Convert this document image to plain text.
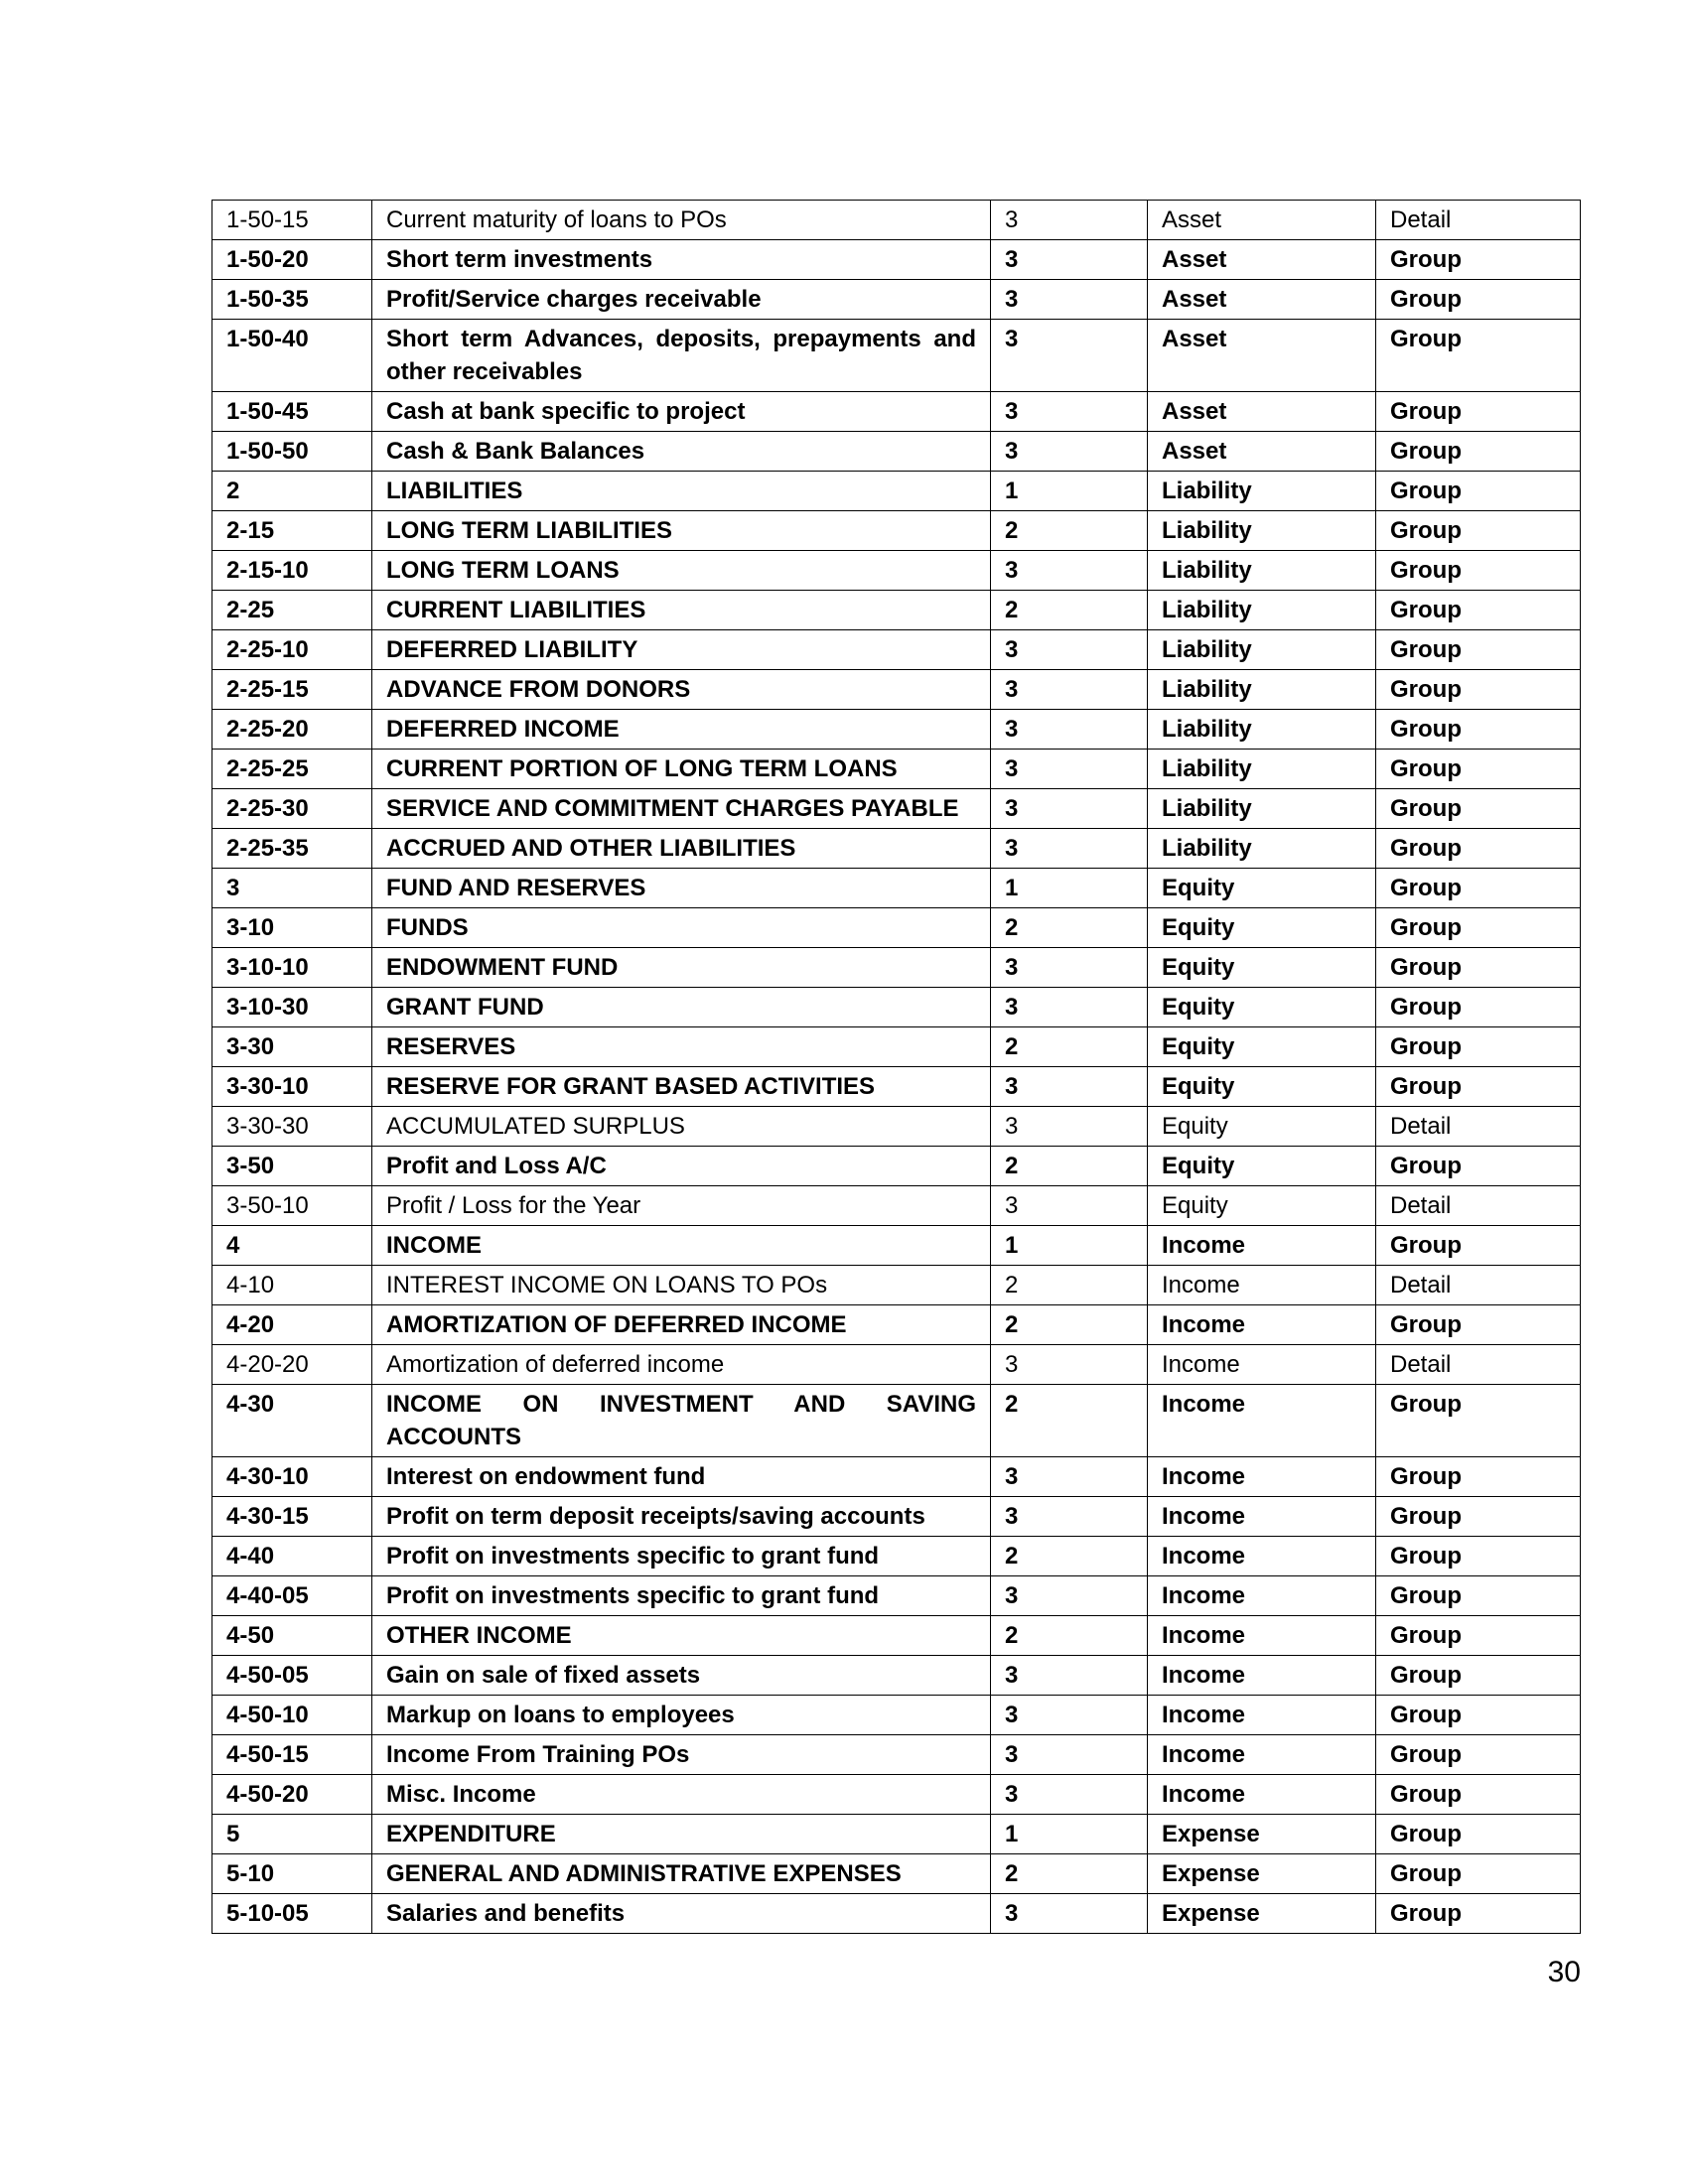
1-50-15	Current maturity of loans to POs	3	Asset	Detail
1-50-20	Short term investments	3	Asset	Group
1-50-35	Profit/Service charges receivable	3	Asset	Group
1-50-40	Short term Advances, deposits, prepayments and other receivables	3	Asset	Group
1-50-45	Cash at bank specific to project	3	Asset	Group
1-50-50	Cash & Bank Balances	3	Asset	Group
2	LIABILITIES	1	Liability	Group
2-15	LONG TERM LIABILITIES	2	Liability	Group
2-15-10	LONG TERM LOANS	3	Liability	Group
2-25	CURRENT LIABILITIES	2	Liability	Group
2-25-10	DEFERRED LIABILITY	3	Liability	Group
2-25-15	ADVANCE FROM DONORS	3	Liability	Group
2-25-20	DEFERRED INCOME	3	Liability	Group
2-25-25	CURRENT PORTION OF LONG TERM LOANS	3	Liability	Group
2-25-30	SERVICE AND COMMITMENT CHARGES PAYABLE	3	Liability	Group
2-25-35	ACCRUED AND OTHER LIABILITIES	3	Liability	Group
3	FUND AND RESERVES	1	Equity	Group
3-10	FUNDS	2	Equity	Group
3-10-10	ENDOWMENT FUND	3	Equity	Group
3-10-30	GRANT FUND	3	Equity	Group
3-30	RESERVES	2	Equity	Group
3-30-10	RESERVE FOR GRANT BASED ACTIVITIES	3	Equity	Group
3-30-30	ACCUMULATED SURPLUS	3	Equity	Detail
3-50	Profit and Loss A/C	2	Equity	Group
3-50-10	Profit / Loss for the Year	3	Equity	Detail
4	INCOME	1	Income	Group
4-10	INTEREST INCOME ON LOANS TO POs	2	Income	Detail
4-20	AMORTIZATION OF DEFERRED INCOME	2	Income	Group
4-20-20	Amortization of deferred income	3	Income	Detail
4-30	INCOME ON INVESTMENT AND SAVING ACCOUNTS	2	Income	Group
4-30-10	Interest on endowment fund	3	Income	Group
4-30-15	Profit on term deposit receipts/saving accounts	3	Income	Group
4-40	Profit on investments specific to grant fund	2	Income	Group
4-40-05	Profit on investments specific to grant fund	3	Income	Group
4-50	OTHER INCOME	2	Income	Group
4-50-05	Gain on sale of fixed assets	3	Income	Group
4-50-10	Markup on loans to employees	3	Income	Group
4-50-15	Income From Training POs	3	Income	Group
4-50-20	Misc. Income	3	Income	Group
5	EXPENDITURE	1	Expense	Group
5-10	GENERAL AND ADMINISTRATIVE EXPENSES	2	Expense	Group
5-10-05	Salaries and benefits	3	Expense	Group
30
